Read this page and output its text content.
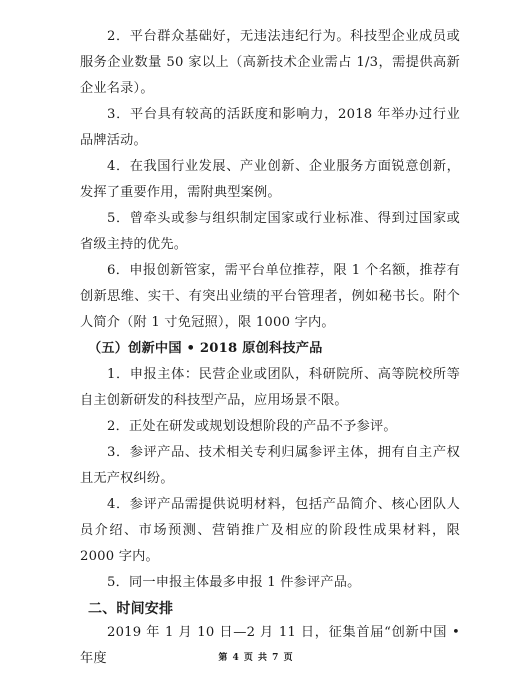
2．平台群众基础好，无违法违纪行为。科技型企业成员或服务企业数量 50 家以上（高新技术企业需占 1/3，需提供高新企业名录）。

3．平台具有较高的活跃度和影响力，2018 年举办过行业品牌活动。

4．在我国行业发展、产业创新、企业服务方面锐意创新，发挥了重要作用，需附典型案例。

5．曾牵头或参与组织制定国家或行业标准、得到过国家或省级主持的优先。

6．申报创新管家，需平台单位推荐，限 1 个名额，推荐有创新思维、实干、有突出业绩的平台管理者，例如秘书长。附个人简介（附 1 寸免冠照），限 1000 字内。

（五）创新中国 • 2018 原创科技产品

1．申报主体：民营企业或团队，科研院所、高等院校所等自主创新研发的科技型产品，应用场景不限。

2．正处在研发或规划设想阶段的产品不予参评。

3．参评产品、技术相关专利归属参评主体，拥有自主产权且无产权纠纷。

4．参评产品需提供说明材料，包括产品简介、核心团队人员介绍、市场预测、营销推广及相应的阶段性成果材料，限 2000 字内。

5．同一申报主体最多申报 1 件参评产品。

二、时间安排

2019 年 1 月 10 日—2 月 11 日，征集首届“创新中国 • 年度	第 4 页 共 7 页
